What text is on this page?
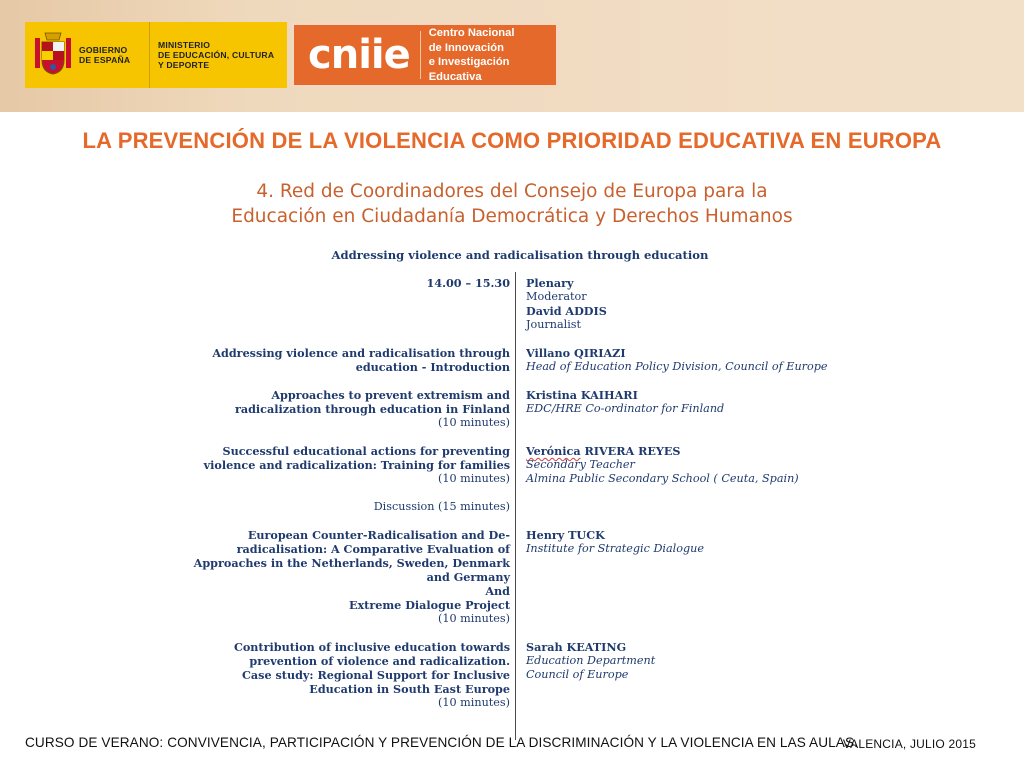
GOBIERNO
DE ESPAÑA
MINISTERIO
DE EDUCACIÓN, CULTURA
Y DEPORTE	cniie Centro Nacional
de Innovación
e Investigación Educativa
LA PREVENCIÓN DE LA VIOLENCIA COMO PRIORIDAD EDUCATIVA EN EUROPA
4. Red de Coordinadores del Consejo de Europa para la
Educación en Ciudadanía Democrática y Derechos Humanos
Addressing violence and radicalisation through education
14.00 – 15.30 Plenary
Moderator
David ADDIS
Journalist
Addressing violence and radicalisation through
education - Introduction
Villano QIRIAZI
Head of Education Policy Division, Council of Europe
Approaches to prevent extremism and
radicalization through education in Finland
(10 minutes)
Kristina KAIHARI
EDC/HRE Co-ordinator for Finland
Successful educational actions for preventing
violence and radicalization: Training for families
(10 minutes)
Verónica RIVERA REYES
Secondary Teacher
Almina Public Secondary School ( Ceuta, Spain)
Discussion (15 minutes)
European Counter-Radicalisation and De-
radicalisation: A Comparative Evaluation of
Approaches in the Netherlands, Sweden, Denmark
and Germany
And
Extreme Dialogue Project
(10 minutes)
Henry TUCK
Institute for Strategic Dialogue
Contribution of inclusive education towards
prevention of violence and radicalization.
Case study: Regional Support for Inclusive
Education in South East Europe
(10 minutes)
Sarah KEATING
Education Department
Council of Europe
CURSO DE VERANO: CONVIVENCIA, PARTICIPACIÓN Y PREVENCIÓN DE LA DISCRIMINACIÓN Y LA VIOLENCIA EN LAS AULAS.
VALENCIA, JULIO 2015
